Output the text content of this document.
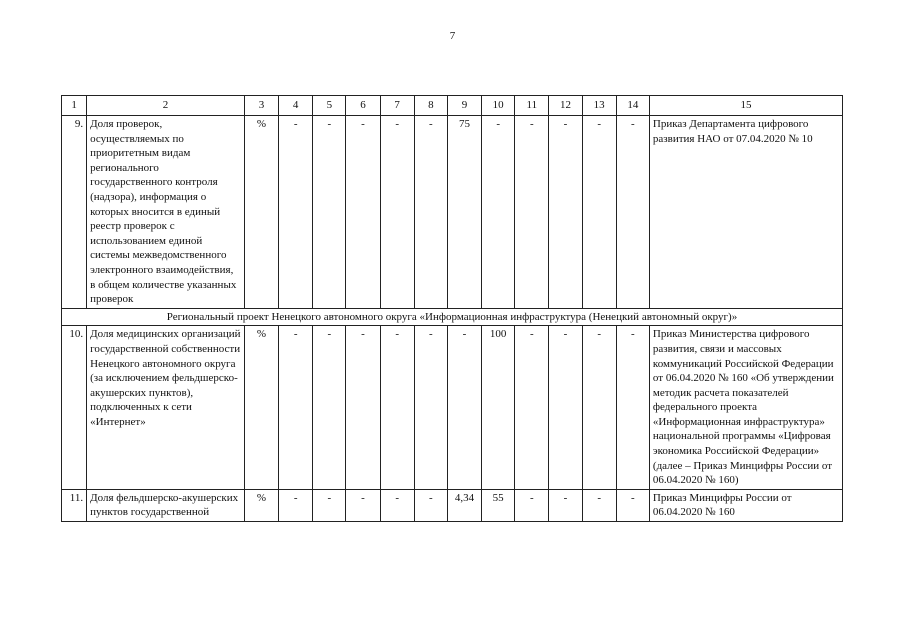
7
1	2	3	4	5	6	7	8	9	10	11	12	13	14	15
9.	Доля проверок, осуществляемых по приоритетным видам регионального государственного контроля (надзора), информация о которых вносится в единый реестр проверок с использованием единой системы межведомственного электронного взаимодействия, в общем количестве указанных проверок	%	-	-	-	-	-	75	-	-	-	-	-	Приказ Департамента цифрового развития НАО от 07.04.2020 № 10
Региональный проект Ненецкого автономного округа «Информационная инфраструктура (Ненецкий автономный округ)»														
10.	Доля медицинских организаций государственной собственности Ненецкого автономного округа (за исключением фельдшерско-акушерских пунктов), подключенных к сети «Интернет»	%	-	-	-	-	-	-	100	-	-	-	-	Приказ Министерства цифрового развития, связи и массовых коммуникаций Российской Федерации от 06.04.2020 № 160 «Об утверждении методик расчета показателей федерального проекта «Информационная инфраструктура» национальной программы «Цифровая экономика Российской Федерации» (далее – Приказ Минцифры России от 06.04.2020 № 160)
11.	Доля фельдшерско-акушерских пунктов государственной	%	-	-	-	-	-	4,34	55	-	-	-	-	Приказ Минцифры России от 06.04.2020 № 160
